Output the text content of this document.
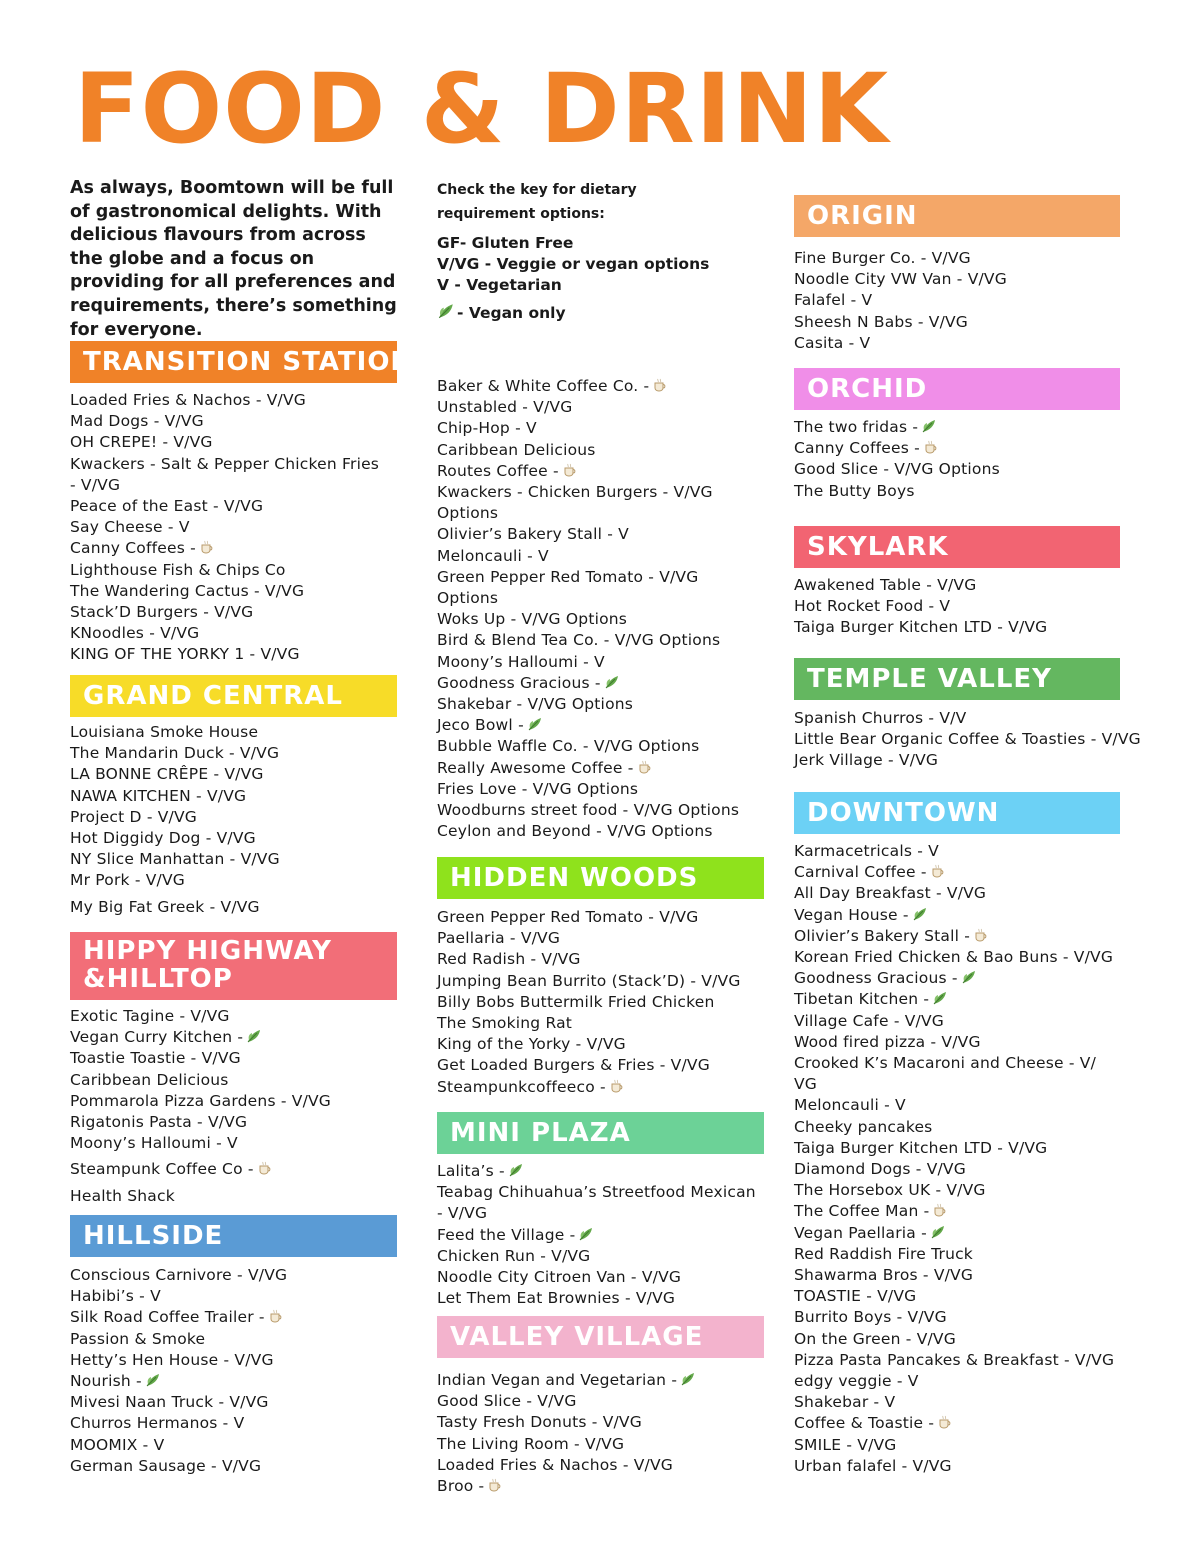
FOOD & DRINK

As always, Boomtown will be full of gastronomical delights. With delicious flavours from across the globe and a focus on providing for all preferences and requirements, there’s something for everyone.

Check the key for dietary
requirement options:
GF- Gluten Free
V/VG - Veggie or vegan options
V - Vegetarian
- Vegan only
TRANSITION STATION
Loaded Fries & Nachos - V/VG
Mad Dogs - V/VG
OH CREPE! - V/VG
Kwackers - Salt & Pepper Chicken Fries
- V/VG
Peace of the East - V/VG
Say Cheese - V
Canny Coffees -
Lighthouse Fish & Chips Co
The Wandering Cactus - V/VG
Stack’D Burgers - V/VG
KNoodles - V/VG
KING OF THE YORKY 1 - V/VG
GRAND CENTRAL
Louisiana Smoke House
The Mandarin Duck - V/VG
LA BONNE CRÊPE - V/VG
NAWA KITCHEN - V/VG
Project D - V/VG
Hot Diggidy Dog - V/VG
NY Slice Manhattan - V/VG
Mr Pork - V/VG
My Big Fat Greek - V/VG
HIPPY HIGHWAY
&HILLTOP
Exotic Tagine - V/VG
Vegan Curry Kitchen -
Toastie Toastie - V/VG
Caribbean Delicious
Pommarola Pizza Gardens - V/VG
Rigatonis Pasta - V/VG
Moony’s Halloumi - V
Steampunk Coffee Co -
Health Shack
HILLSIDE
Conscious Carnivore - V/VG
Habibi’s - V
Silk Road Coffee Trailer -
Passion & Smoke
Hetty’s Hen House - V/VG
Nourish -
Mivesi Naan Truck - V/VG
Churros Hermanos - V
MOOMIX - V
German Sausage - V/VG
Baker & White Coffee Co. -
Unstabled - V/VG
Chip-Hop - V
Caribbean Delicious
Routes Coffee -
Kwackers - Chicken Burgers - V/VG
Options
Olivier’s Bakery Stall - V
Meloncauli - V
Green Pepper Red Tomato - V/VG
Options
Woks Up - V/VG Options
Bird & Blend Tea Co. - V/VG Options
Moony’s Halloumi - V
Goodness Gracious -
Shakebar - V/VG Options
Jeco Bowl -
Bubble Waffle Co. - V/VG Options
Really Awesome Coffee -
Fries Love - V/VG Options
Woodburns street food - V/VG Options
Ceylon and Beyond - V/VG Options
HIDDEN WOODS
Green Pepper Red Tomato - V/VG
Paellaria - V/VG
Red Radish - V/VG
Jumping Bean Burrito (Stack’D) - V/VG
Billy Bobs Buttermilk Fried Chicken
The Smoking Rat
King of the Yorky - V/VG
Get Loaded Burgers & Fries - V/VG
Steampunkcoffeeco -
MINI PLAZA
Lalita’s -
Teabag Chihuahua’s Streetfood Mexican
- V/VG
Feed the Village -
Chicken Run - V/VG
Noodle City Citroen Van - V/VG
Let Them Eat Brownies - V/VG
VALLEY VILLAGE
Indian Vegan and Vegetarian -
Good Slice - V/VG
Tasty Fresh Donuts - V/VG
The Living Room - V/VG
Loaded Fries & Nachos - V/VG
Broo -
ORIGIN
Fine Burger Co. - V/VG
Noodle City VW Van - V/VG
Falafel - V
Sheesh N Babs - V/VG
Casita - V
ORCHID
The two fridas -
Canny Coffees -
Good Slice - V/VG Options
The Butty Boys
SKYLARK
Awakened Table - V/VG
Hot Rocket Food - V
Taiga Burger Kitchen LTD - V/VG
TEMPLE VALLEY
Spanish Churros - V/V
Little Bear Organic Coffee & Toasties - V/VG
Jerk Village - V/VG
DOWNTOWN
Karmacetricals - V
Carnival Coffee -
All Day Breakfast - V/VG
Vegan House -
Olivier’s Bakery Stall -
Korean Fried Chicken & Bao Buns - V/VG
Goodness Gracious -
Tibetan Kitchen -
Village Cafe - V/VG
Wood fired pizza - V/VG
Crooked K’s Macaroni and Cheese - V/
VG
Meloncauli - V
Cheeky pancakes
Taiga Burger Kitchen LTD - V/VG
Diamond Dogs - V/VG
The Horsebox UK - V/VG
The Coffee Man -
Vegan Paellaria -
Red Raddish Fire Truck
Shawarma Bros - V/VG
TOASTIE - V/VG
Burrito Boys - V/VG
On the Green - V/VG
Pizza Pasta Pancakes & Breakfast - V/VG
edgy veggie - V
Shakebar - V
Coffee & Toastie -
SMILE - V/VG
Urban falafel - V/VG
